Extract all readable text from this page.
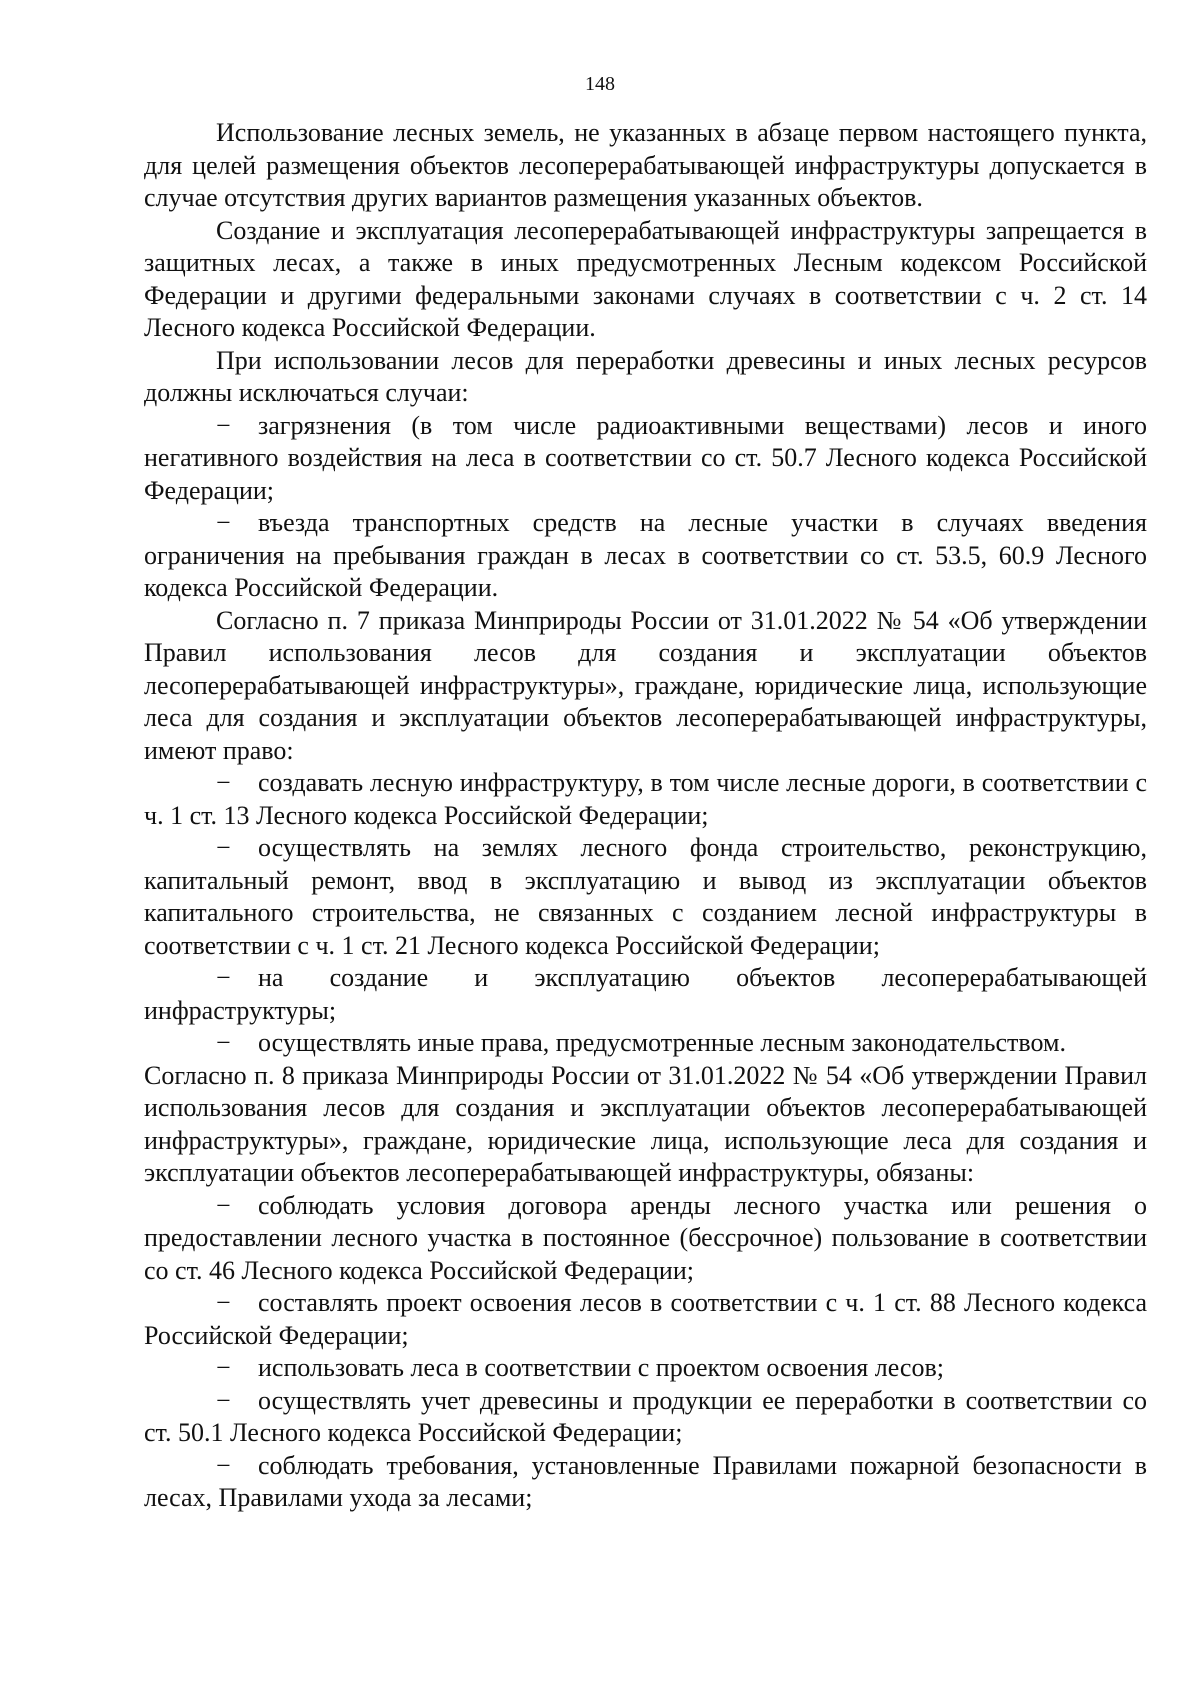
148

Использование лесных земель, не указанных в абзаце первом настоящего пункта, для целей размещения объектов лесоперерабатывающей инфраструктуры допускается в случае отсутствия других вариантов размещения указанных объектов.

Создание и эксплуатация лесоперерабатывающей инфраструктуры запрещается в защитных лесах, а также в иных предусмотренных Лесным кодексом Российской Федерации и другими федеральными законами случаях в соответствии с ч. 2 ст. 14 Лесного кодекса Российской Федерации.

При использовании лесов для переработки древесины и иных лесных ресурсов должны исключаться случаи:

− загрязнения (в том числе радиоактивными веществами) лесов и иного негативного воздействия на леса в соответствии со ст. 50.7 Лесного кодекса Российской Федерации;

− въезда транспортных средств на лесные участки в случаях введения ограничения на пребывания граждан в лесах в соответствии со ст. 53.5, 60.9 Лесного кодекса Российской Федерации.

Согласно п. 7 приказа Минприроды России от 31.01.2022 № 54 «Об утверждении Правил использования лесов для создания и эксплуатации объектов лесоперерабатывающей инфраструктуры», граждане, юридические лица, использующие леса для создания и эксплуатации объектов лесоперерабатывающей инфраструктуры, имеют право:

− создавать лесную инфраструктуру, в том числе лесные дороги, в соответствии с ч. 1 ст. 13 Лесного кодекса Российской Федерации;

− осуществлять на землях лесного фонда строительство, реконструкцию, капитальный ремонт, ввод в эксплуатацию и вывод из эксплуатации объектов капитального строительства, не связанных с созданием лесной инфраструктуры в соответствии с ч. 1 ст. 21 Лесного кодекса Российской Федерации;

− на создание и эксплуатацию объектов лесоперерабатывающей инфраструктуры;

− осуществлять иные права, предусмотренные лесным законодательством.

Согласно п. 8 приказа Минприроды России от 31.01.2022 № 54 «Об утверждении Правил использования лесов для создания и эксплуатации объектов лесоперерабатывающей инфраструктуры», граждане, юридические лица, использующие леса для создания и эксплуатации объектов лесоперерабатывающей инфраструктуры, обязаны:

− соблюдать условия договора аренды лесного участка или решения о предоставлении лесного участка в постоянное (бессрочное) пользование в соответствии со ст. 46 Лесного кодекса Российской Федерации;

− составлять проект освоения лесов в соответствии с ч. 1 ст. 88 Лесного кодекса Российской Федерации;

− использовать леса в соответствии с проектом освоения лесов;

− осуществлять учет древесины и продукции ее переработки в соответствии со ст. 50.1 Лесного кодекса Российской Федерации;

− соблюдать требования, установленные Правилами пожарной безопасности в лесах, Правилами ухода за лесами;
